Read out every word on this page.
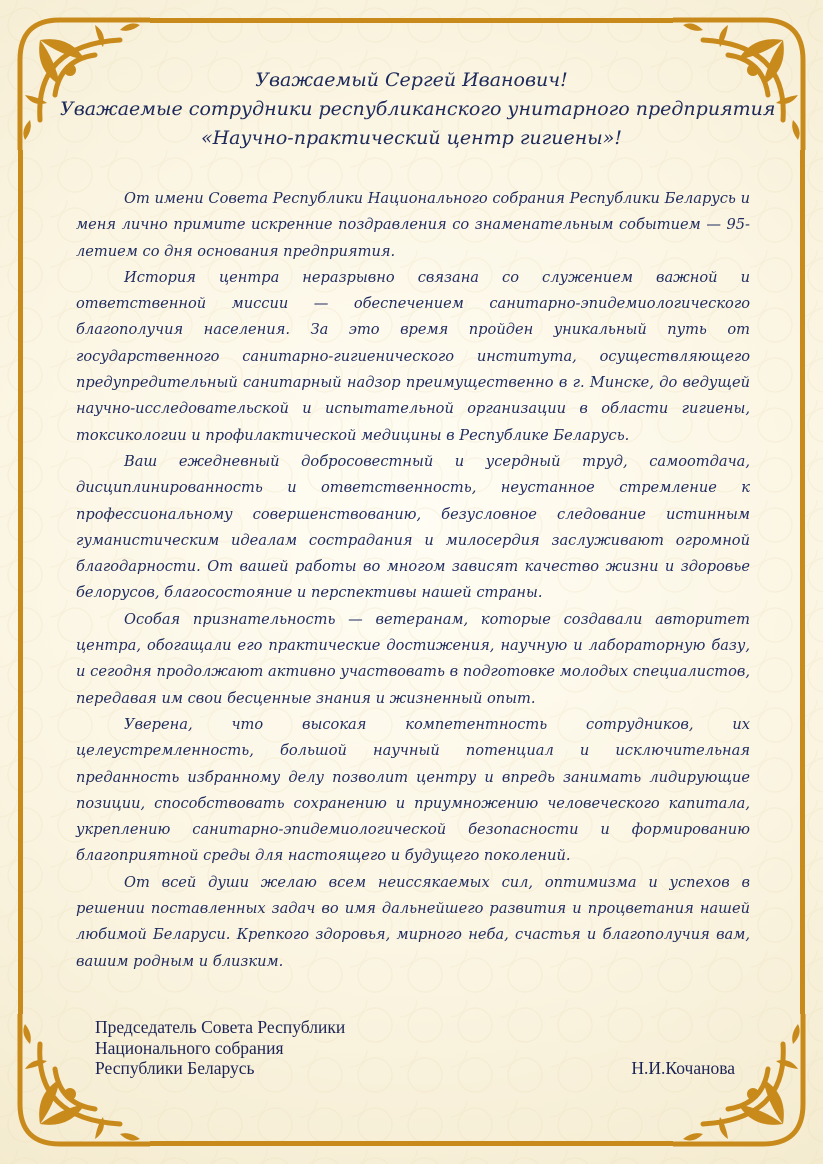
Уважаемый Сергей Иванович!
Уважаемые сотрудники республиканского унитарного предприятия
«Научно-практический центр гигиены»!

От имени Совета Республики Национального собрания Республики Беларусь и меня лично примите искренние поздравления со знаменательным событием — 95-летием со дня основания предприятия.

История центра неразрывно связана со служением важной и ответственной миссии — обеспечением санитарно-эпидемиологического благополучия населения. За это время пройден уникальный путь от государственного санитарно-гигиенического института, осуществляющего предупредительный санитарный надзор преимущественно в г. Минске, до ведущей научно-исследовательской и испытательной организации в области гигиены, токсикологии и профилактической медицины в Республике Беларусь.

Ваш ежедневный добросовестный и усердный труд, самоотдача, дисциплинированность и ответственность, неустанное стремление к профессиональному совершенствованию, безусловное следование истинным гуманистическим идеалам сострадания и милосердия заслуживают огромной благодарности. От вашей работы во многом зависят качество жизни и здоровье белорусов, благосостояние и перспективы нашей страны.

Особая признательность — ветеранам, которые создавали авторитет центра, обогащали его практические достижения, научную и лабораторную базу, и сегодня продолжают активно участвовать в подготовке молодых специалистов, передавая им свои бесценные знания и жизненный опыт.

Уверена, что высокая компетентность сотрудников, их целеустремленность, большой научный потенциал и исключительная преданность избранному делу позволит центру и впредь занимать лидирующие позиции, способствовать сохранению и приумножению человеческого капитала, укреплению санитарно-эпидемиологической безопасности и формированию благоприятной среды для настоящего и будущего поколений.

От всей души желаю всем неиссякаемых сил, оптимизма и успехов в решении поставленных задач во имя дальнейшего развития и процветания нашей любимой Беларуси. Крепкого здоровья, мирного неба, счастья и благополучия вам, вашим родным и близким.

Председатель Совета Республики
Национального собрания
Республики Беларусь	Н.И.Кочанова
